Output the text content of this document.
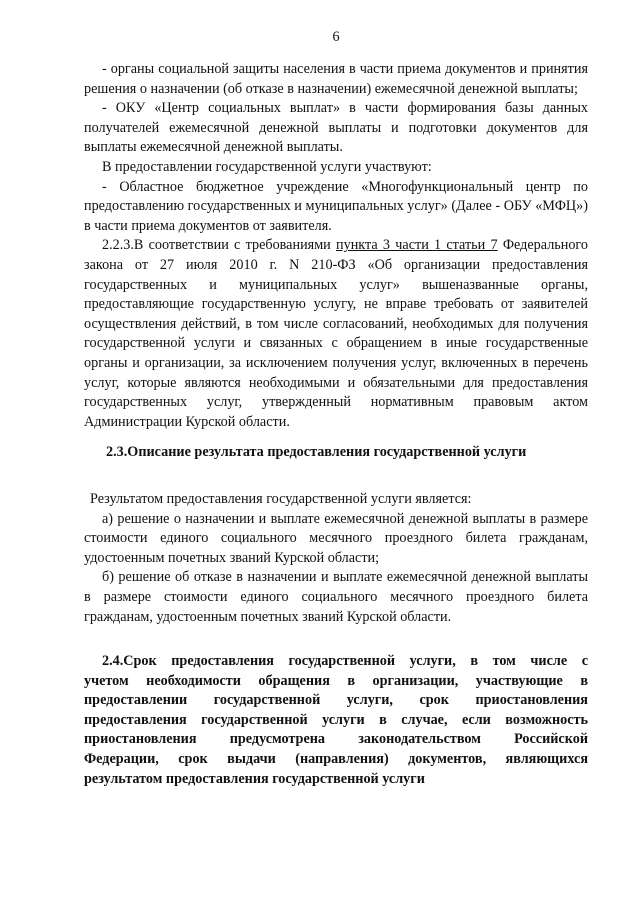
6

- органы социальной защиты населения в части приема документов и принятия решения о назначении (об отказе в назначении) ежемесячной денежной выплаты;

- ОКУ «Центр социальных выплат» в части формирования базы данных получателей ежемесячной денежной выплаты и подготовки документов для выплаты ежемесячной денежной выплаты.

В предоставлении государственной услуги участвуют:

- Областное бюджетное учреждение «Многофункциональный центр по предоставлению государственных и муниципальных услуг» (Далее - ОБУ «МФЦ») в части приема документов от заявителя.

2.2.3.В соответствии с требованиями пункта 3 части 1 статьи 7 Федерального закона от 27 июля 2010 г. N 210-ФЗ «Об организации предоставления государственных и муниципальных услуг» вышеназванные органы, предоставляющие государственную услугу, не вправе требовать от заявителей осуществления действий, в том числе согласований, необходимых для получения государственной услуги и связанных с обращением в иные государственные органы и организации, за исключением получения услуг, включенных в перечень услуг, которые являются необходимыми и обязательными для предоставления государственных услуг, утвержденный нормативным правовым актом Администрации Курской области.

2.3.Описание результата предоставления государственной услуги

Результатом предоставления государственной услуги является:

а) решение о назначении и выплате ежемесячной денежной выплаты в размере стоимости единого социального месячного проездного билета гражданам, удостоенным почетных званий Курской области;

б) решение об отказе в назначении и выплате ежемесячной денежной выплаты в размере стоимости единого социального месячного проездного билета гражданам, удостоенным почетных званий Курской области.

2.4.Срок предоставления государственной услуги, в том числе с
учетом необходимости обращения в организации, участвующие в
предоставлении государственной услуги, срок приостановления
предоставления государственной услуги в случае, если возможность
приостановления предусмотрена законодательством Российской
Федерации, срок выдачи (направления) документов, являющихся
результатом предоставления государственной услуги
